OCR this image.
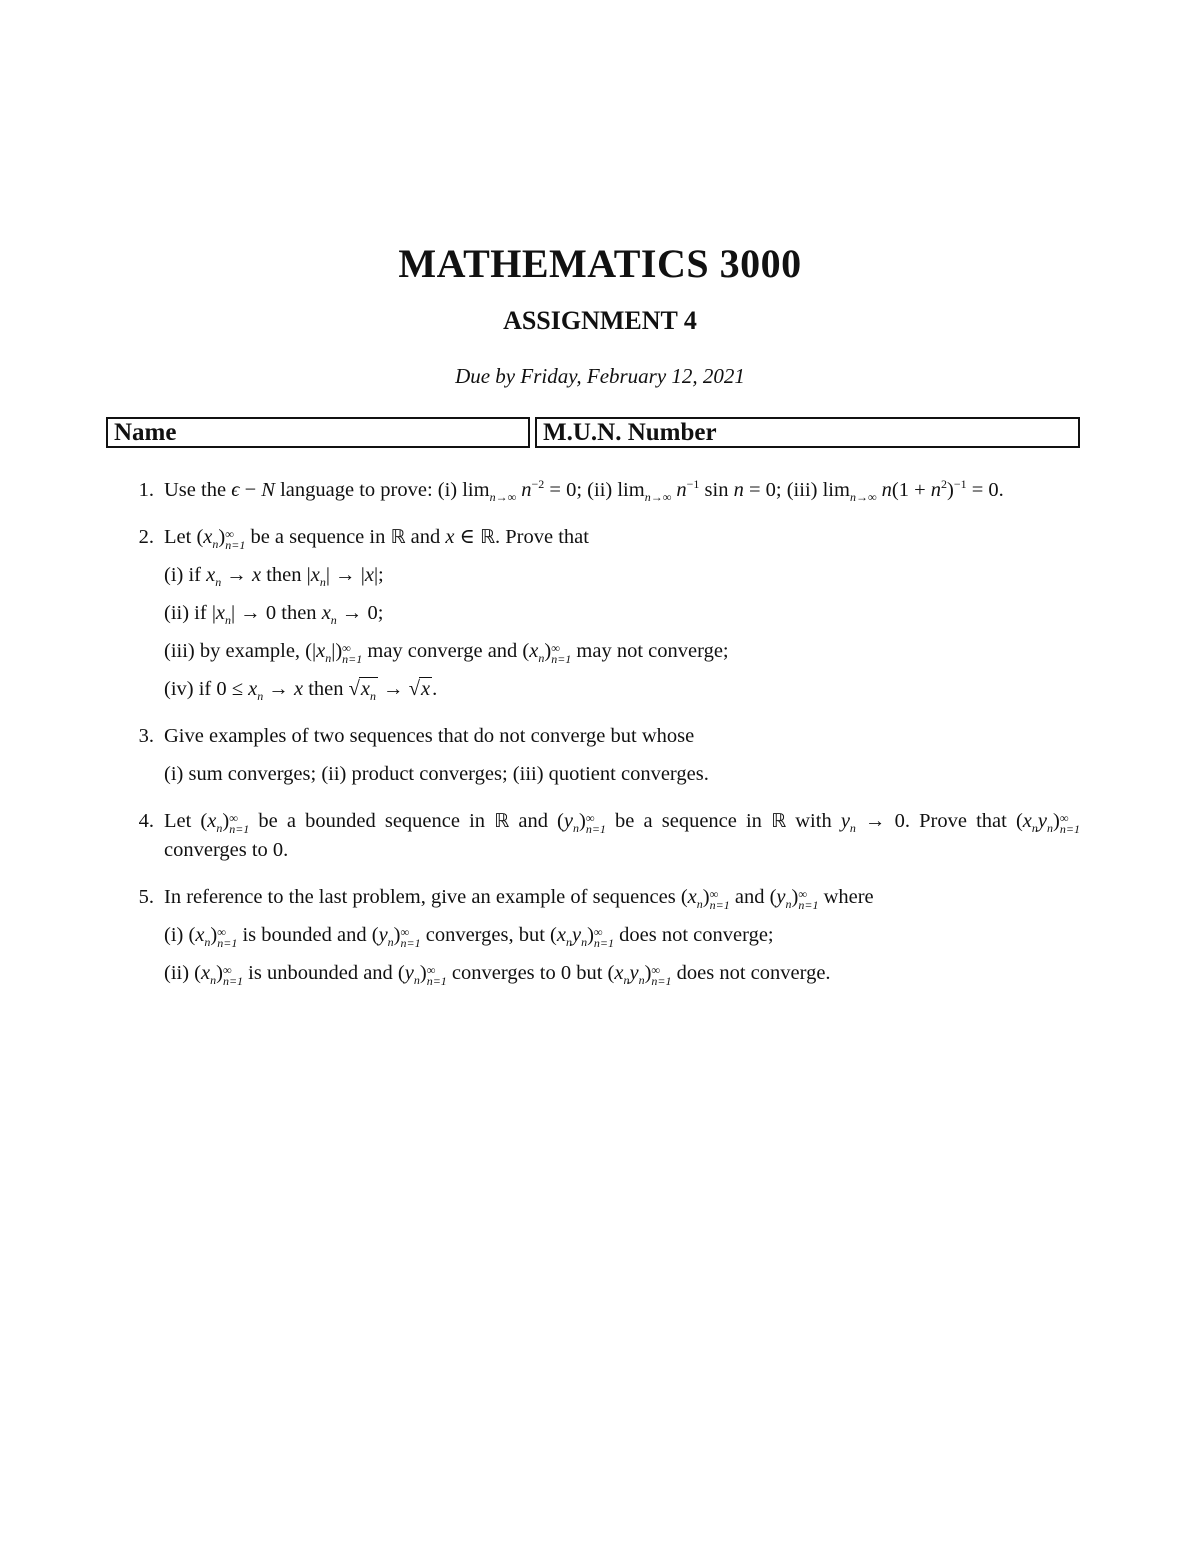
MATHEMATICS 3000
ASSIGNMENT 4
Due by Friday, February 12, 2021
Name	M.U.N. Number
1. Use the ϵ − N language to prove: (i) $\lim_{n\to\infty} n^{-2} = 0$; (ii) $\lim_{n\to\infty} n^{-1}$ sin n = 0; (iii) $\lim_{n\to\infty} n(1 + n^2)^{-1} = 0$.
2. Let $(x_n)$ ∞
n=1 be a sequence in ℝ and x ∈ ℝ. Prove that
(i) if $x_n \to x$ then $|x_n| \to |x|$;
(ii) if $|x_n| \to 0$ then $x_n \to 0$;
(iii) by example, $(|x_n|)$ ∞
n=1 may converge and $(x_n)$ ∞
n=1 may not converge;
(iv) if $0 \le x_n \to x$ then $√x_n \to √x$.
3. Give examples of two sequences that do not converge but whose
(i) sum converges; (ii) product converges; (iii) quotient converges.
4. Let $(x_n)$ ∞
n=1 be a bounded sequence in ℝ and $(y_n)$ ∞
n=1 be a sequence in ℝ with $y_n \to 0$. Prove that $(x_ny_n)$ ∞
n=1
converges to 0.
5. In reference to the last problem, give an example of sequences $(x_n)$ ∞
n=1 and $(y_n)$ ∞
n=1 where
(i) $(x_n)$ ∞
n=1 is bounded and $(y_n)$ ∞
n=1 converges, but $(x_ny_n)$ ∞
n=1 does not converge;
(ii) $(x_n)$ ∞
n=1 is unbounded and $(y_n)$ ∞
n=1 converges to 0 but $(x_ny_n)$ ∞
n=1 does not converge.
